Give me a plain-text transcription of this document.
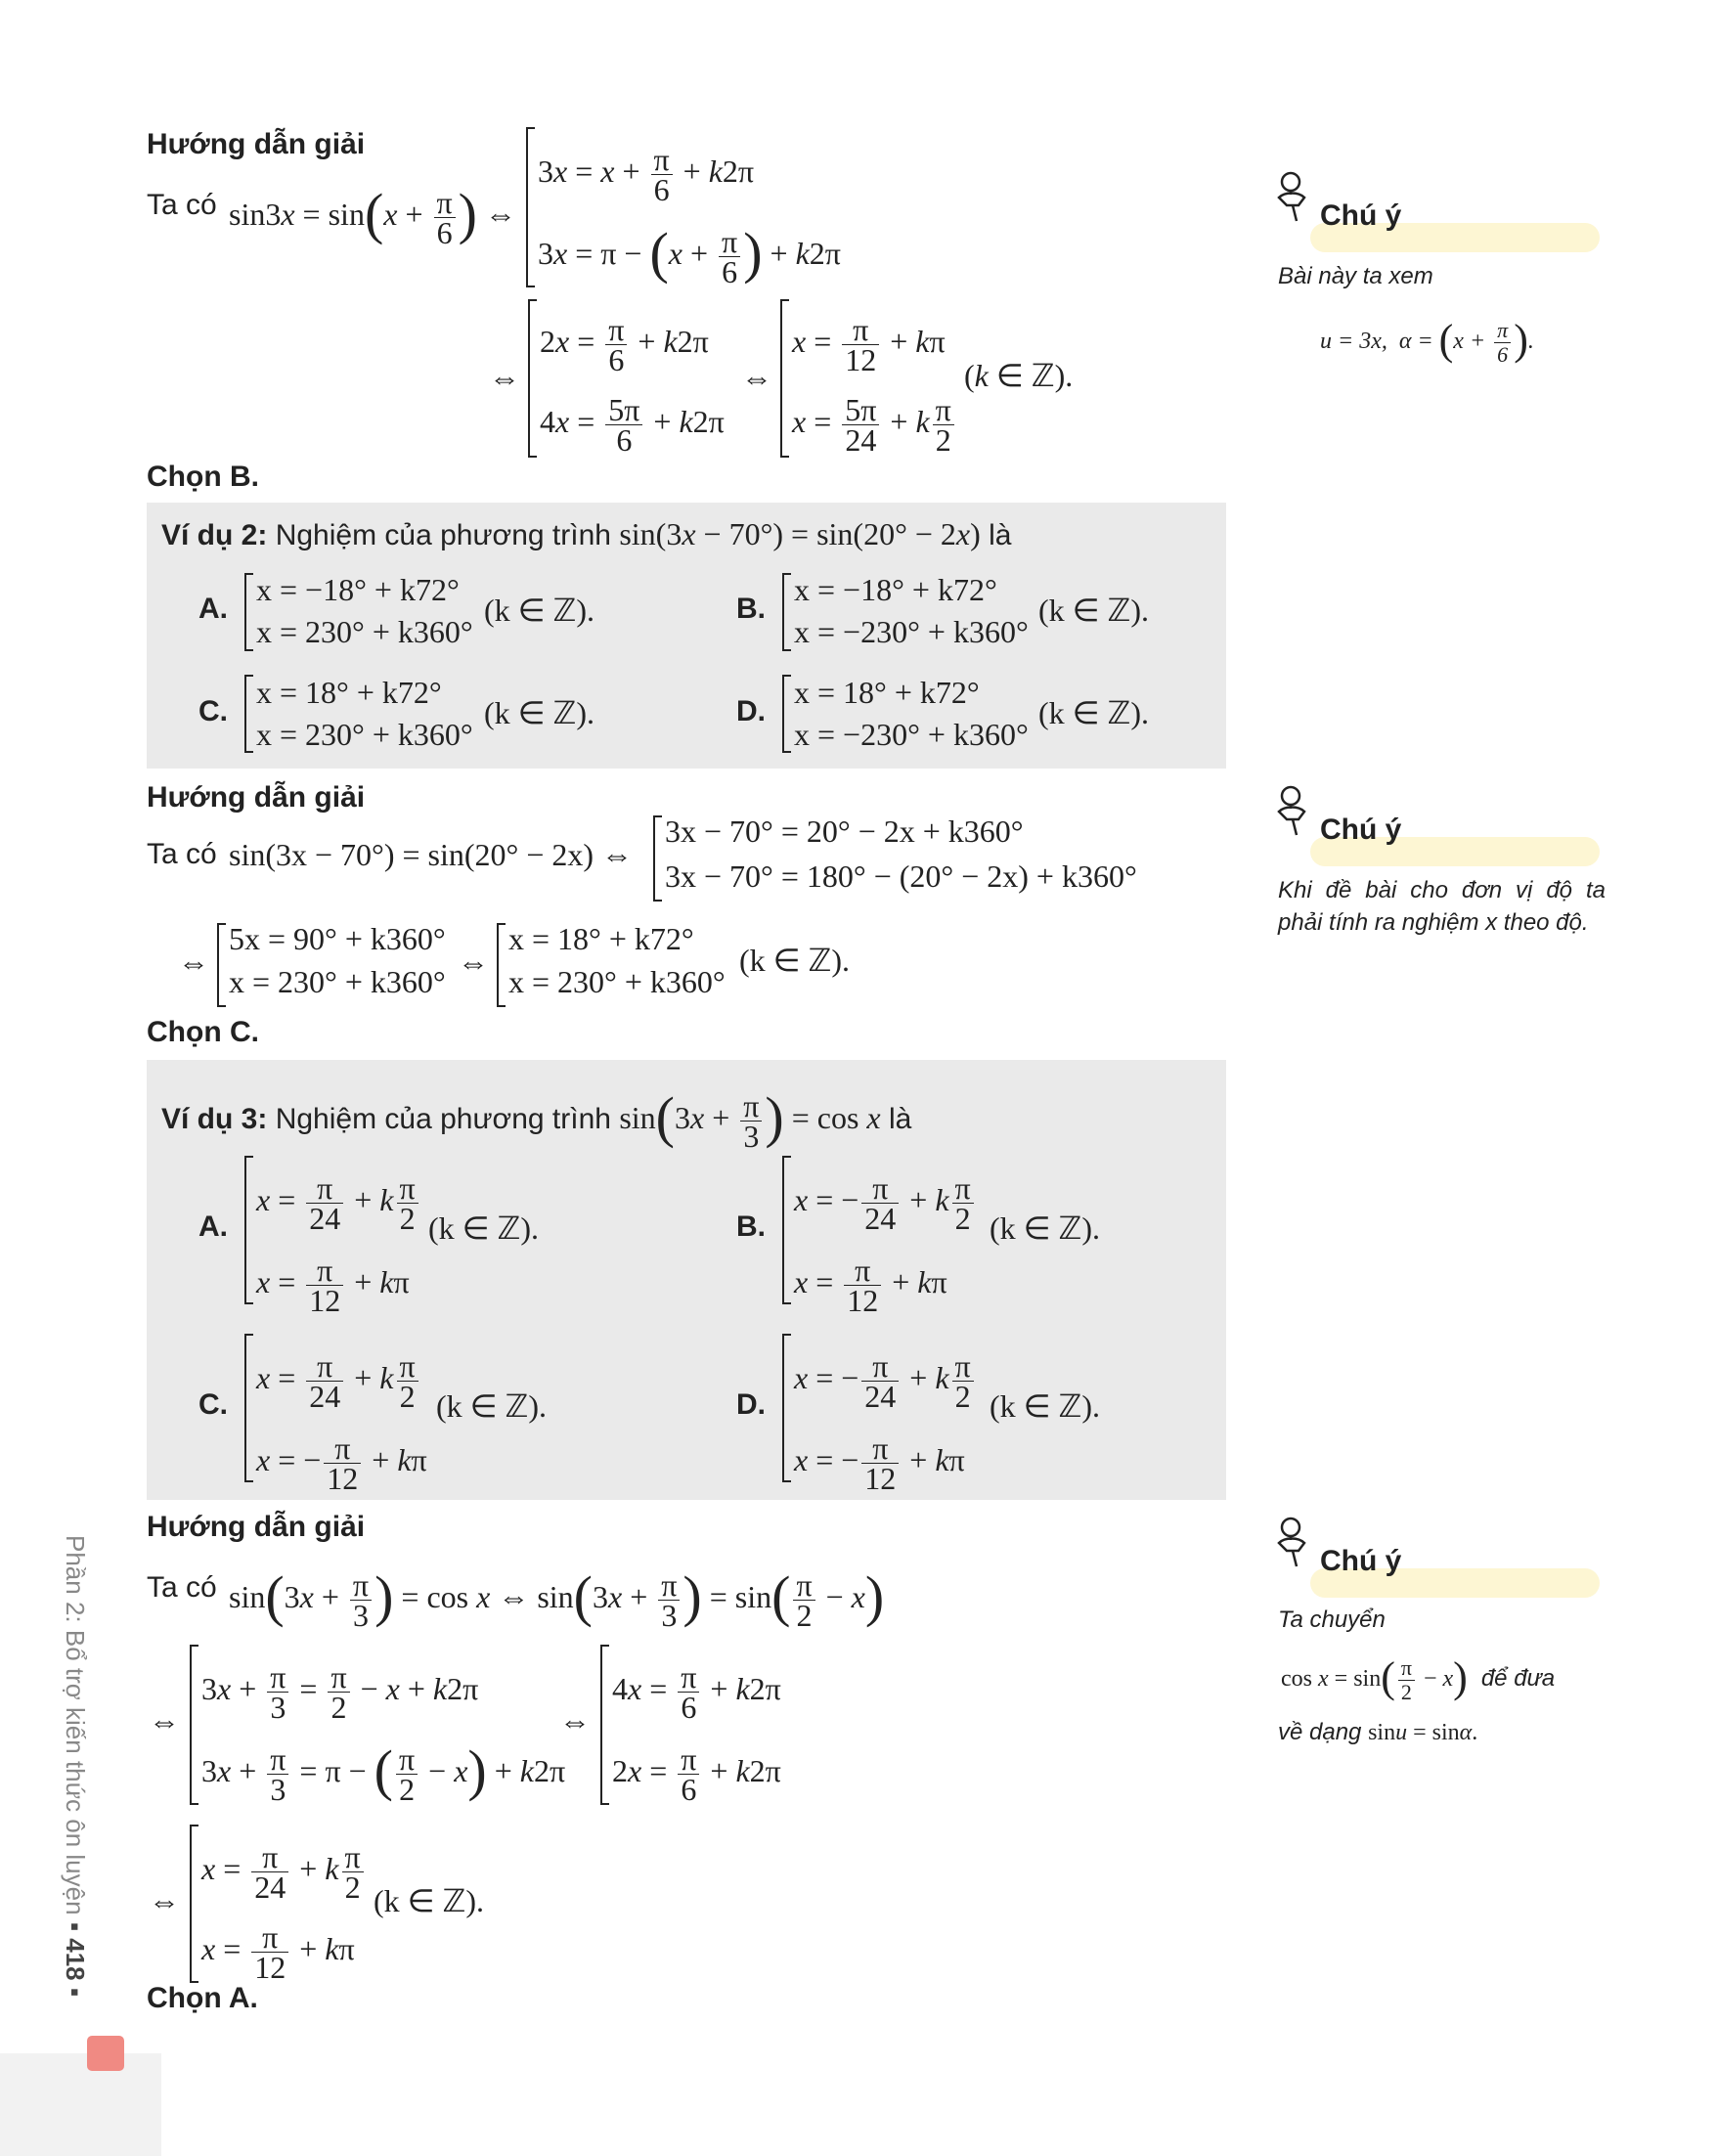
Hướng dẫn giải
Ta có $\sin 3x = \sin(x + \frac{\pi}{6}$ ) ⇔
$3x = x + \frac{\pi}{6} + k2\pi$
$3x = \pi - (x + \frac{\pi}{6}$ ) + k2π
⇔
$2x = \frac{\pi}{6} + k2\pi$
$4x = \frac{5\pi}{6} + k2\pi$
⇔
$x = \frac{\pi}{12} + k\pi$
$x = \frac{5\pi}{24} + k \frac{\pi}{2}$
(k ∈ ℤ).
Chọn B.
Ví dụ 2: Nghiệm của phương trình sin(3x − 70°) = sin(20° − 2x) là
A.
x = −18° + k72°
x = 230° + k360°
(k ∈ ℤ).	B.
x = −18° + k72°
x = −230° + k360°
(k ∈ ℤ).
C.
x = 18° + k72°
x = 230° + k360°
(k ∈ ℤ).	D.
x = 18° + k72°
x = −230° + k360°
(k ∈ ℤ).
Hướng dẫn giải
Ta có sin(3x − 70°) = sin(20° − 2x) ⇔
3x − 70° = 20° − 2x + k360°
3x − 70° = 180° − (20° − 2x) + k360°
⇔
5x = 90° + k360°
x = 230° + k360°
⇔
x = 18° + k72°
x = 230° + k360°
(k ∈ ℤ).
Chọn C.
Ví dụ 3: Nghiệm của phương trình $\sin(3x + \frac{\pi}{3}$ ) = cos x là
A.
$x = \frac{\pi}{24} + k \frac{\pi}{2}$
$x = \frac{\pi}{12} + k\pi$
(k ∈ ℤ).	B.
x = − $\frac{\pi}{24} + k \frac{\pi}{2}$
$x = \frac{\pi}{12} + k\pi$
(k ∈ ℤ).
C.
$x = \frac{\pi}{24} + k \frac{\pi}{2}$
x = − $\frac{\pi}{12} + k\pi$
(k ∈ ℤ).	D.
x = − $\frac{\pi}{24} + k \frac{\pi}{2}$
x = − $\frac{\pi}{12} + k\pi$
(k ∈ ℤ).
Hướng dẫn giải
Ta có $\sin(3x + \frac{\pi}{3}$ ) = cos x ⇔ $\sin(3x + \frac{\pi}{3}$ ) = $\sin( \frac{\pi}{2} - x)$
⇔
$3x + \frac{\pi}{3} = \frac{\pi}{2} - x + k2\pi$
$3x + \frac{\pi}{3} = \pi$ − ( $\frac{\pi}{2} - x) + k2\pi$
⇔
$4x = \frac{\pi}{6} + k2\pi$
$2x = \frac{\pi}{6} + k2\pi$
⇔
$x = \frac{\pi}{24} + k \frac{\pi}{2}$
$x = \frac{\pi}{12} + k\pi$
(k ∈ ℤ).
Chọn A.
Chú ý
Bài này ta xem
u = 3x,  $\alpha = (x + \frac{\pi}{6}$ ).
Chú ý
Khi đề bài cho đơn vị độ ta phải tính ra nghiệm x theo độ.
Chú ý
Ta chuyển
$\cos x = \sin( \frac{\pi}{2} - x)$ để đưa
về dạng sinu = sinα.
Phần 2: Bổ trợ kiến thức ôn luyện ▪ 418 ▪
